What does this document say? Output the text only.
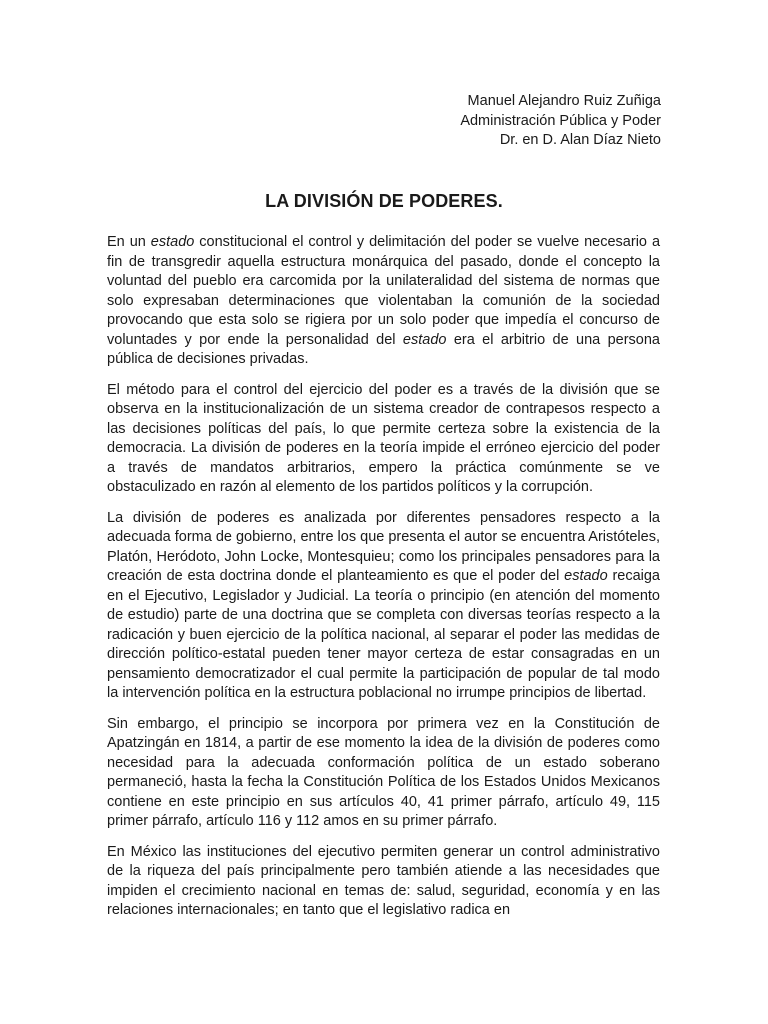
Manuel Alejandro Ruiz Zuñiga
Administración Pública y Poder
Dr. en D. Alan Díaz Nieto
LA DIVISIÓN DE PODERES.

En un estado constitucional el control y delimitación del poder se vuelve necesario a fin de transgredir aquella estructura monárquica del pasado, donde el concepto la voluntad del pueblo era carcomida por la unilateralidad del sistema de normas que solo expresaban determinaciones que violentaban la comunión de la sociedad provocando que esta solo se rigiera por un solo poder que impedía el concurso de voluntades y por ende la personalidad del estado era el arbitrio de una persona pública de decisiones privadas.

El método para el control del ejercicio del poder es a través de la división que se observa en la institucionalización de un sistema creador de contrapesos respecto a las decisiones políticas del país, lo que permite certeza sobre la existencia de la democracia. La división de poderes en la teoría impide el erróneo ejercicio del poder a través de mandatos arbitrarios, empero la práctica comúnmente se ve obstaculizado en razón al elemento de los partidos políticos y la corrupción.

La división de poderes es analizada por diferentes pensadores respecto a la adecuada forma de gobierno, entre los que presenta el autor se encuentra Aristóteles, Platón, Heródoto, John Locke, Montesquieu; como los principales pensadores para la creación de esta doctrina donde el planteamiento es que el poder del estado recaiga en el Ejecutivo, Legislador y Judicial. La teoría o principio (en atención del momento de estudio) parte de una doctrina que se completa con diversas teorías respecto a la radicación y buen ejercicio de la política nacional, al separar el poder las medidas de dirección político-estatal pueden tener mayor certeza de estar consagradas en un pensamiento democratizador el cual permite la participación de popular de tal modo la intervención política en la estructura poblacional no irrumpe principios de libertad.

Sin embargo, el principio se incorpora por primera vez en la Constitución de Apatzingán en 1814, a partir de ese momento la idea de la división de poderes como necesidad para la adecuada conformación política de un estado soberano permaneció, hasta la fecha la Constitución Política de los Estados Unidos Mexicanos contiene en este principio en sus artículos 40, 41 primer párrafo, artículo 49, 115 primer párrafo, artículo 116 y 112 amos en su primer párrafo.

En México las instituciones del ejecutivo permiten generar un control administrativo de la riqueza del país principalmente pero también atiende a las necesidades que impiden el crecimiento nacional en temas de: salud, seguridad, economía y en las relaciones internacionales; en tanto que el legislativo radica en
